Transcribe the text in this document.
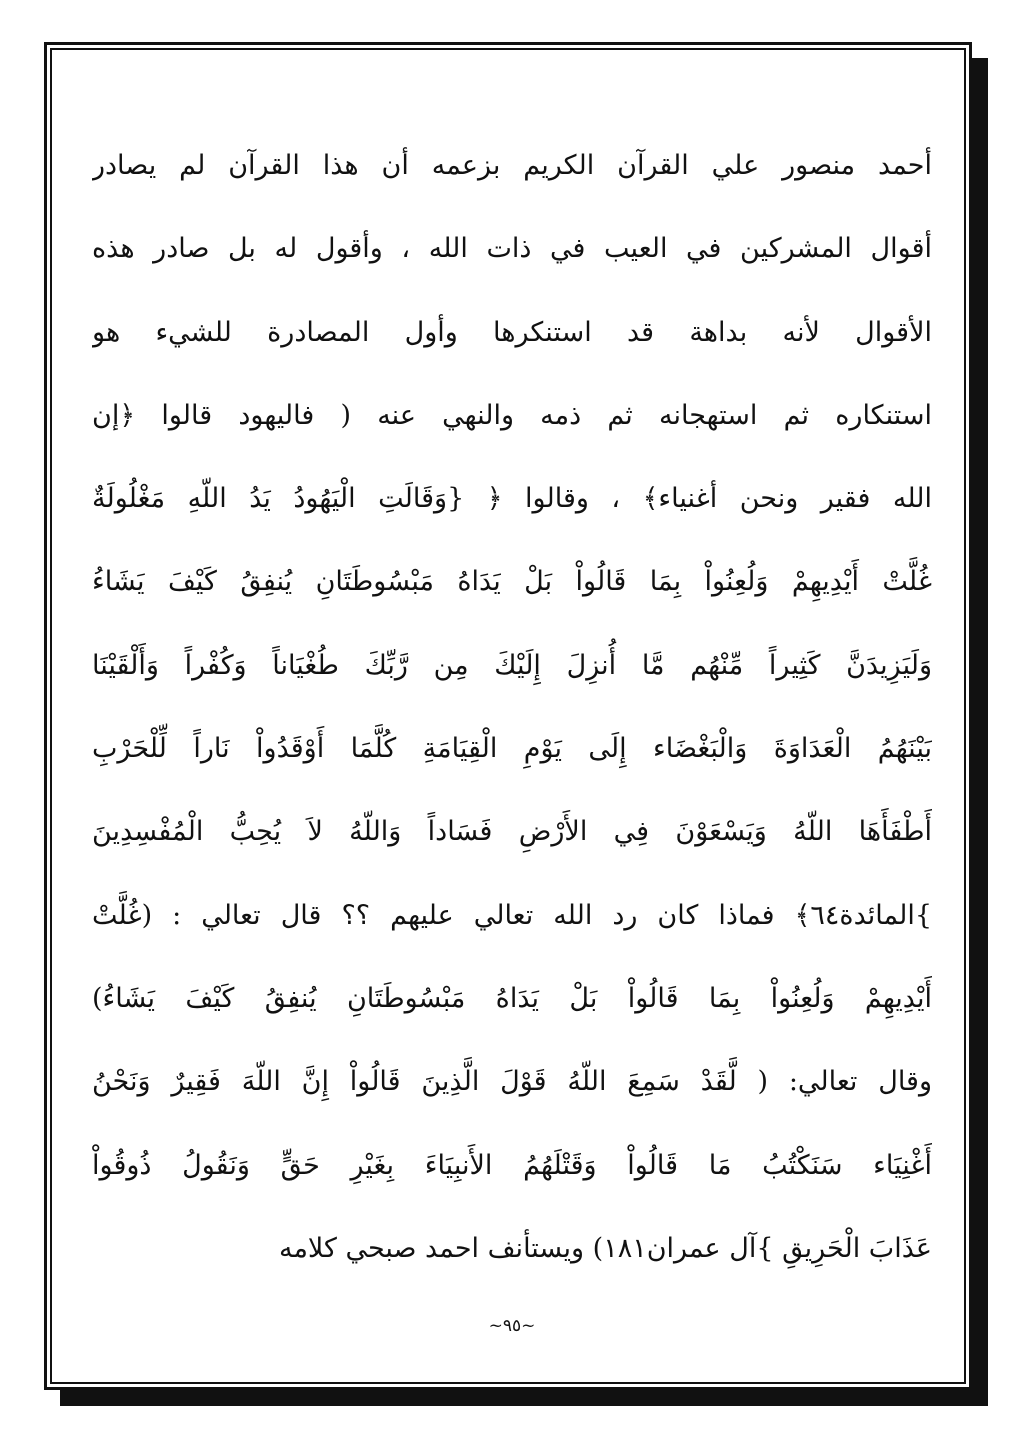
أحمد منصور علي القرآن الكريم بزعمه أن هذا القرآن لم يصادر
أقوال المشركين في العيب في ذات الله ، وأقول له بل صادر هذه
الأقوال لأنه بداهة قد استنكرها وأول المصادرة للشيء هو
استنكاره ثم استهجانه ثم ذمه والنهي عنه ( فاليهود قالوا ﴿إن
الله فقير ونحن أغنياء﴾ ، وقالوا ﴿ {وَقَالَتِ الْيَهُودُ يَدُ اللّهِ مَغْلُولَةٌ
غُلَّتْ أَيْدِيهِمْ وَلُعِنُواْ بِمَا قَالُواْ بَلْ يَدَاهُ مَبْسُوطَتَانِ يُنفِقُ كَيْفَ يَشَاءُ
وَلَيَزِيدَنَّ كَثِيراً مِّنْهُم مَّا أُنزِلَ إِلَيْكَ مِن رَّبِّكَ طُغْيَاناً وَكُفْراً وَأَلْقَيْنَا
بَيْنَهُمُ الْعَدَاوَةَ وَالْبَغْضَاء إِلَى يَوْمِ الْقِيَامَةِ كُلَّمَا أَوْقَدُواْ نَاراً لِّلْحَرْبِ
أَطْفَأَهَا اللّهُ وَيَسْعَوْنَ فِي الأَرْضِ فَسَاداً وَاللّهُ لاَ يُحِبُّ الْمُفْسِدِينَ
}المائدة٦٤﴾ فماذا كان رد الله تعالي عليهم ؟؟ قال تعالي : (غُلَّتْ
أَيْدِيهِمْ وَلُعِنُواْ بِمَا قَالُواْ بَلْ يَدَاهُ مَبْسُوطَتَانِ يُنفِقُ كَيْفَ يَشَاءُ)
وقال تعالي: ( لَّقَدْ سَمِعَ اللّهُ قَوْلَ الَّذِينَ قَالُواْ إِنَّ اللّهَ فَقِيرٌ وَنَحْنُ
أَغْنِيَاء سَنَكْتُبُ مَا قَالُواْ وَقَتْلَهُمُ الأَنبِيَاءَ بِغَيْرِ حَقٍّ وَنَقُولُ ذُوقُواْ
عَذَابَ الْحَرِيقِ }آل عمران١٨١) ويستأنف احمد صبحي كلامه
~٩٥~
